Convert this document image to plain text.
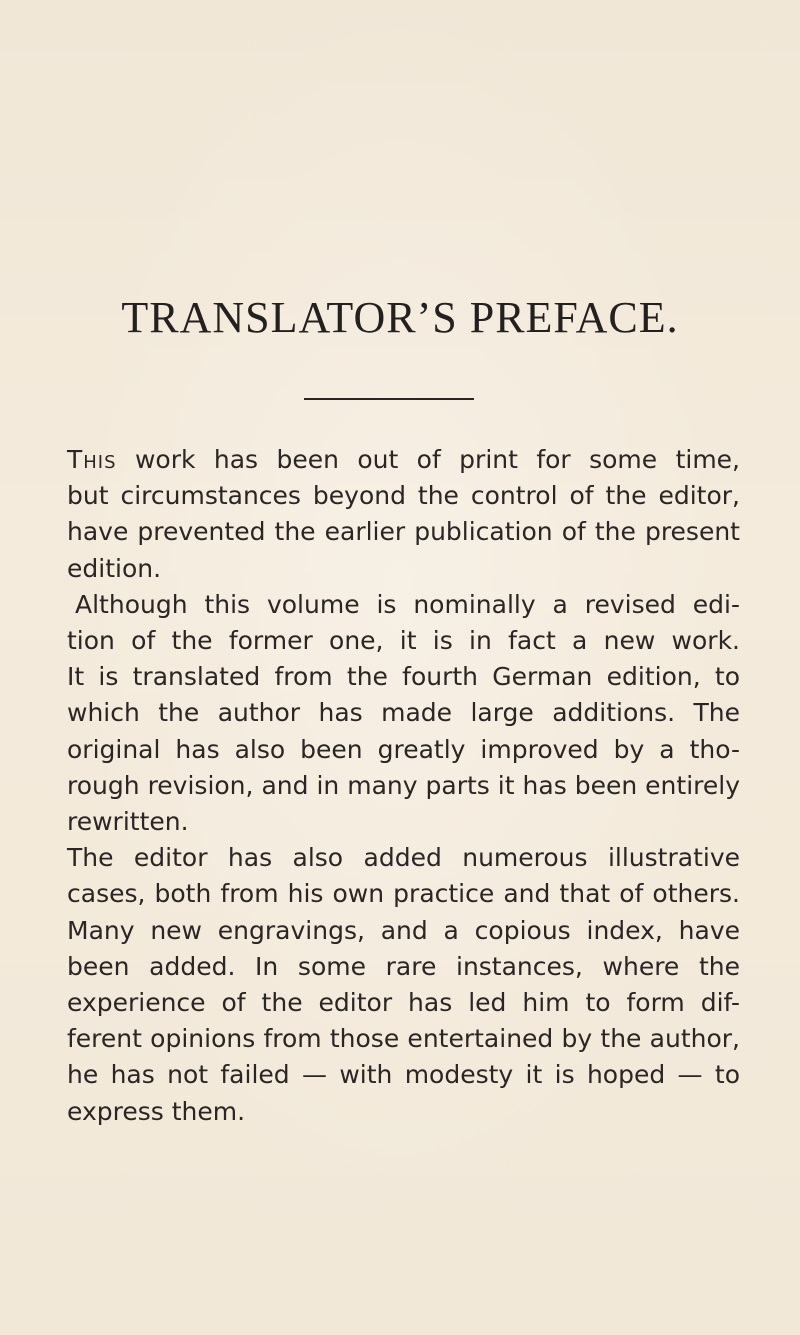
TRANSLATOR’S PREFACE.
This work has been out of print for some time,
but circumstances beyond the control of the editor,
have prevented the earlier publication of the present
edition.
Although this volume is nominally a revised edi-
tion of the former one, it is in fact a new work.
It is translated from the fourth German edition, to
which the author has made large additions. The
original has also been greatly improved by a tho-
rough revision, and in many parts it has been entirely
rewritten.
The editor has also added numerous illustrative
cases, both from his own practice and that of others.
Many new engravings, and a copious index, have
been added. In some rare instances, where the
experience of the editor has led him to form dif-
ferent opinions from those entertained by the author,
he has not failed — with modesty it is hoped — to
express them.
